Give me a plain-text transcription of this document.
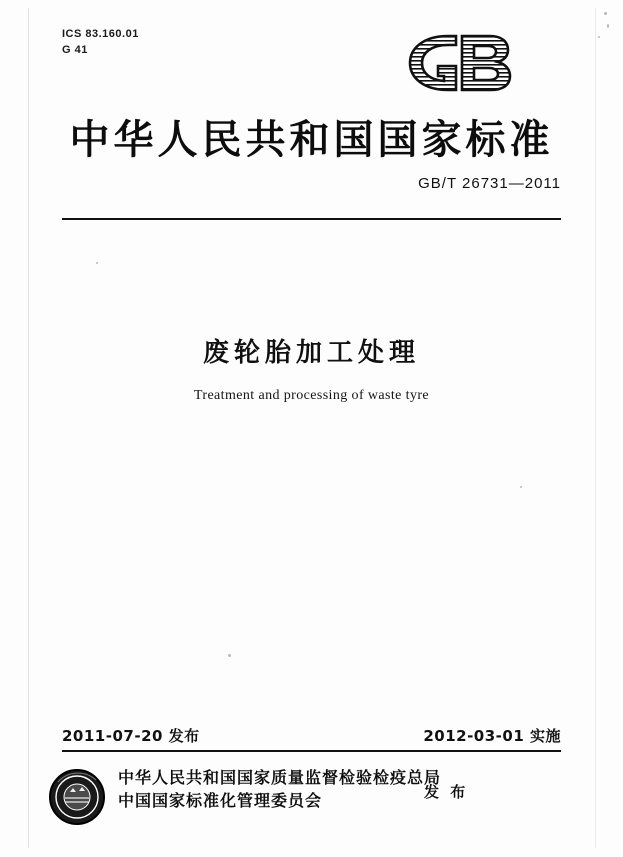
ICS 83.160.01
G 41
中华人民共和国国家标准
GB/T 26731—2011
废轮胎加工处理
Treatment and processing of waste tyre
2011-07-20 发布	2012-03-01 实施
中华人民共和国国家质量监督检验检疫总局
中国国家标准化管理委员会	发 布
